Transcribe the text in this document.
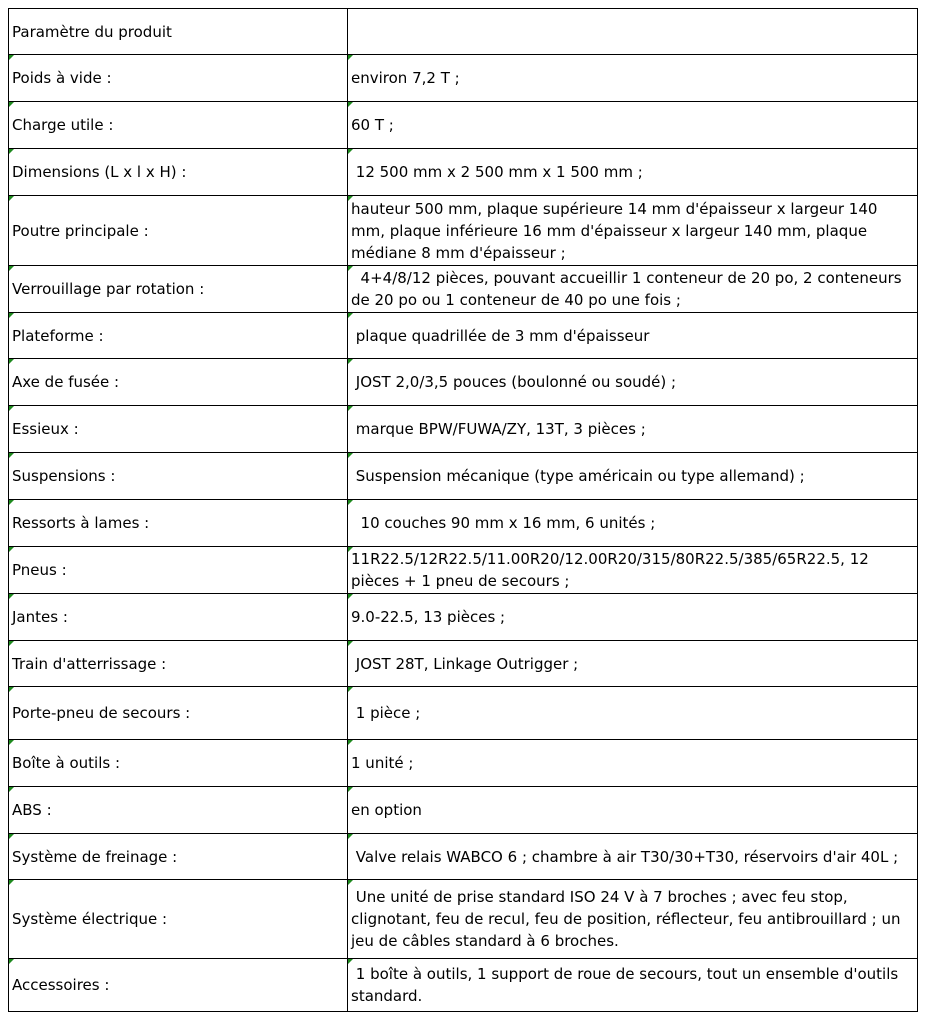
Paramètre du produit	

Poids à vide :	environ 7,2 T ;

Charge utile :	60 T ;

Dimensions (L x l x H) :	12 500 mm x 2 500 mm x 1 500 mm ;

Poutre principale :	hauteur 500 mm, plaque supérieure 14 mm d'épaisseur x largeur 140 mm, plaque inférieure 16 mm d'épaisseur x largeur 140 mm, plaque médiane 8 mm d'épaisseur ;

Verrouillage par rotation :	4+4/8/12 pièces, pouvant accueillir 1 conteneur de 20 po, 2 conteneurs de 20 po ou 1 conteneur de 40 po une fois ;

Plateforme :	plaque quadrillée de 3 mm d'épaisseur

Axe de fusée :	JOST 2,0/3,5 pouces (boulonné ou soudé) ;

Essieux :	marque BPW/FUWA/ZY, 13T, 3 pièces ;

Suspensions :	Suspension mécanique (type américain ou type allemand) ;

Ressorts à lames :	10 couches 90 mm x 16 mm, 6 unités ;

Pneus :	11R22.5/12R22.5/11.00R20/12.00R20/315/80R22.5/385/65R22.5, 12 pièces + 1 pneu de secours ;

Jantes :	9.0-22.5, 13 pièces ;

Train d'atterrissage :	JOST 28T, Linkage Outrigger ;

Porte-pneu de secours :	1 pièce ;

Boîte à outils :	1 unité ;

ABS :	en option

Système de freinage :	Valve relais WABCO 6 ; chambre à air T30/30+T30, réservoirs d'air 40L ;

Système électrique :	Une unité de prise standard ISO 24 V à 7 broches ; avec feu stop, clignotant, feu de recul, feu de position, réflecteur, feu antibrouillard ; un jeu de câbles standard à 6 broches.

Accessoires :	1 boîte à outils, 1 support de roue de secours, tout un ensemble d'outils standard.
